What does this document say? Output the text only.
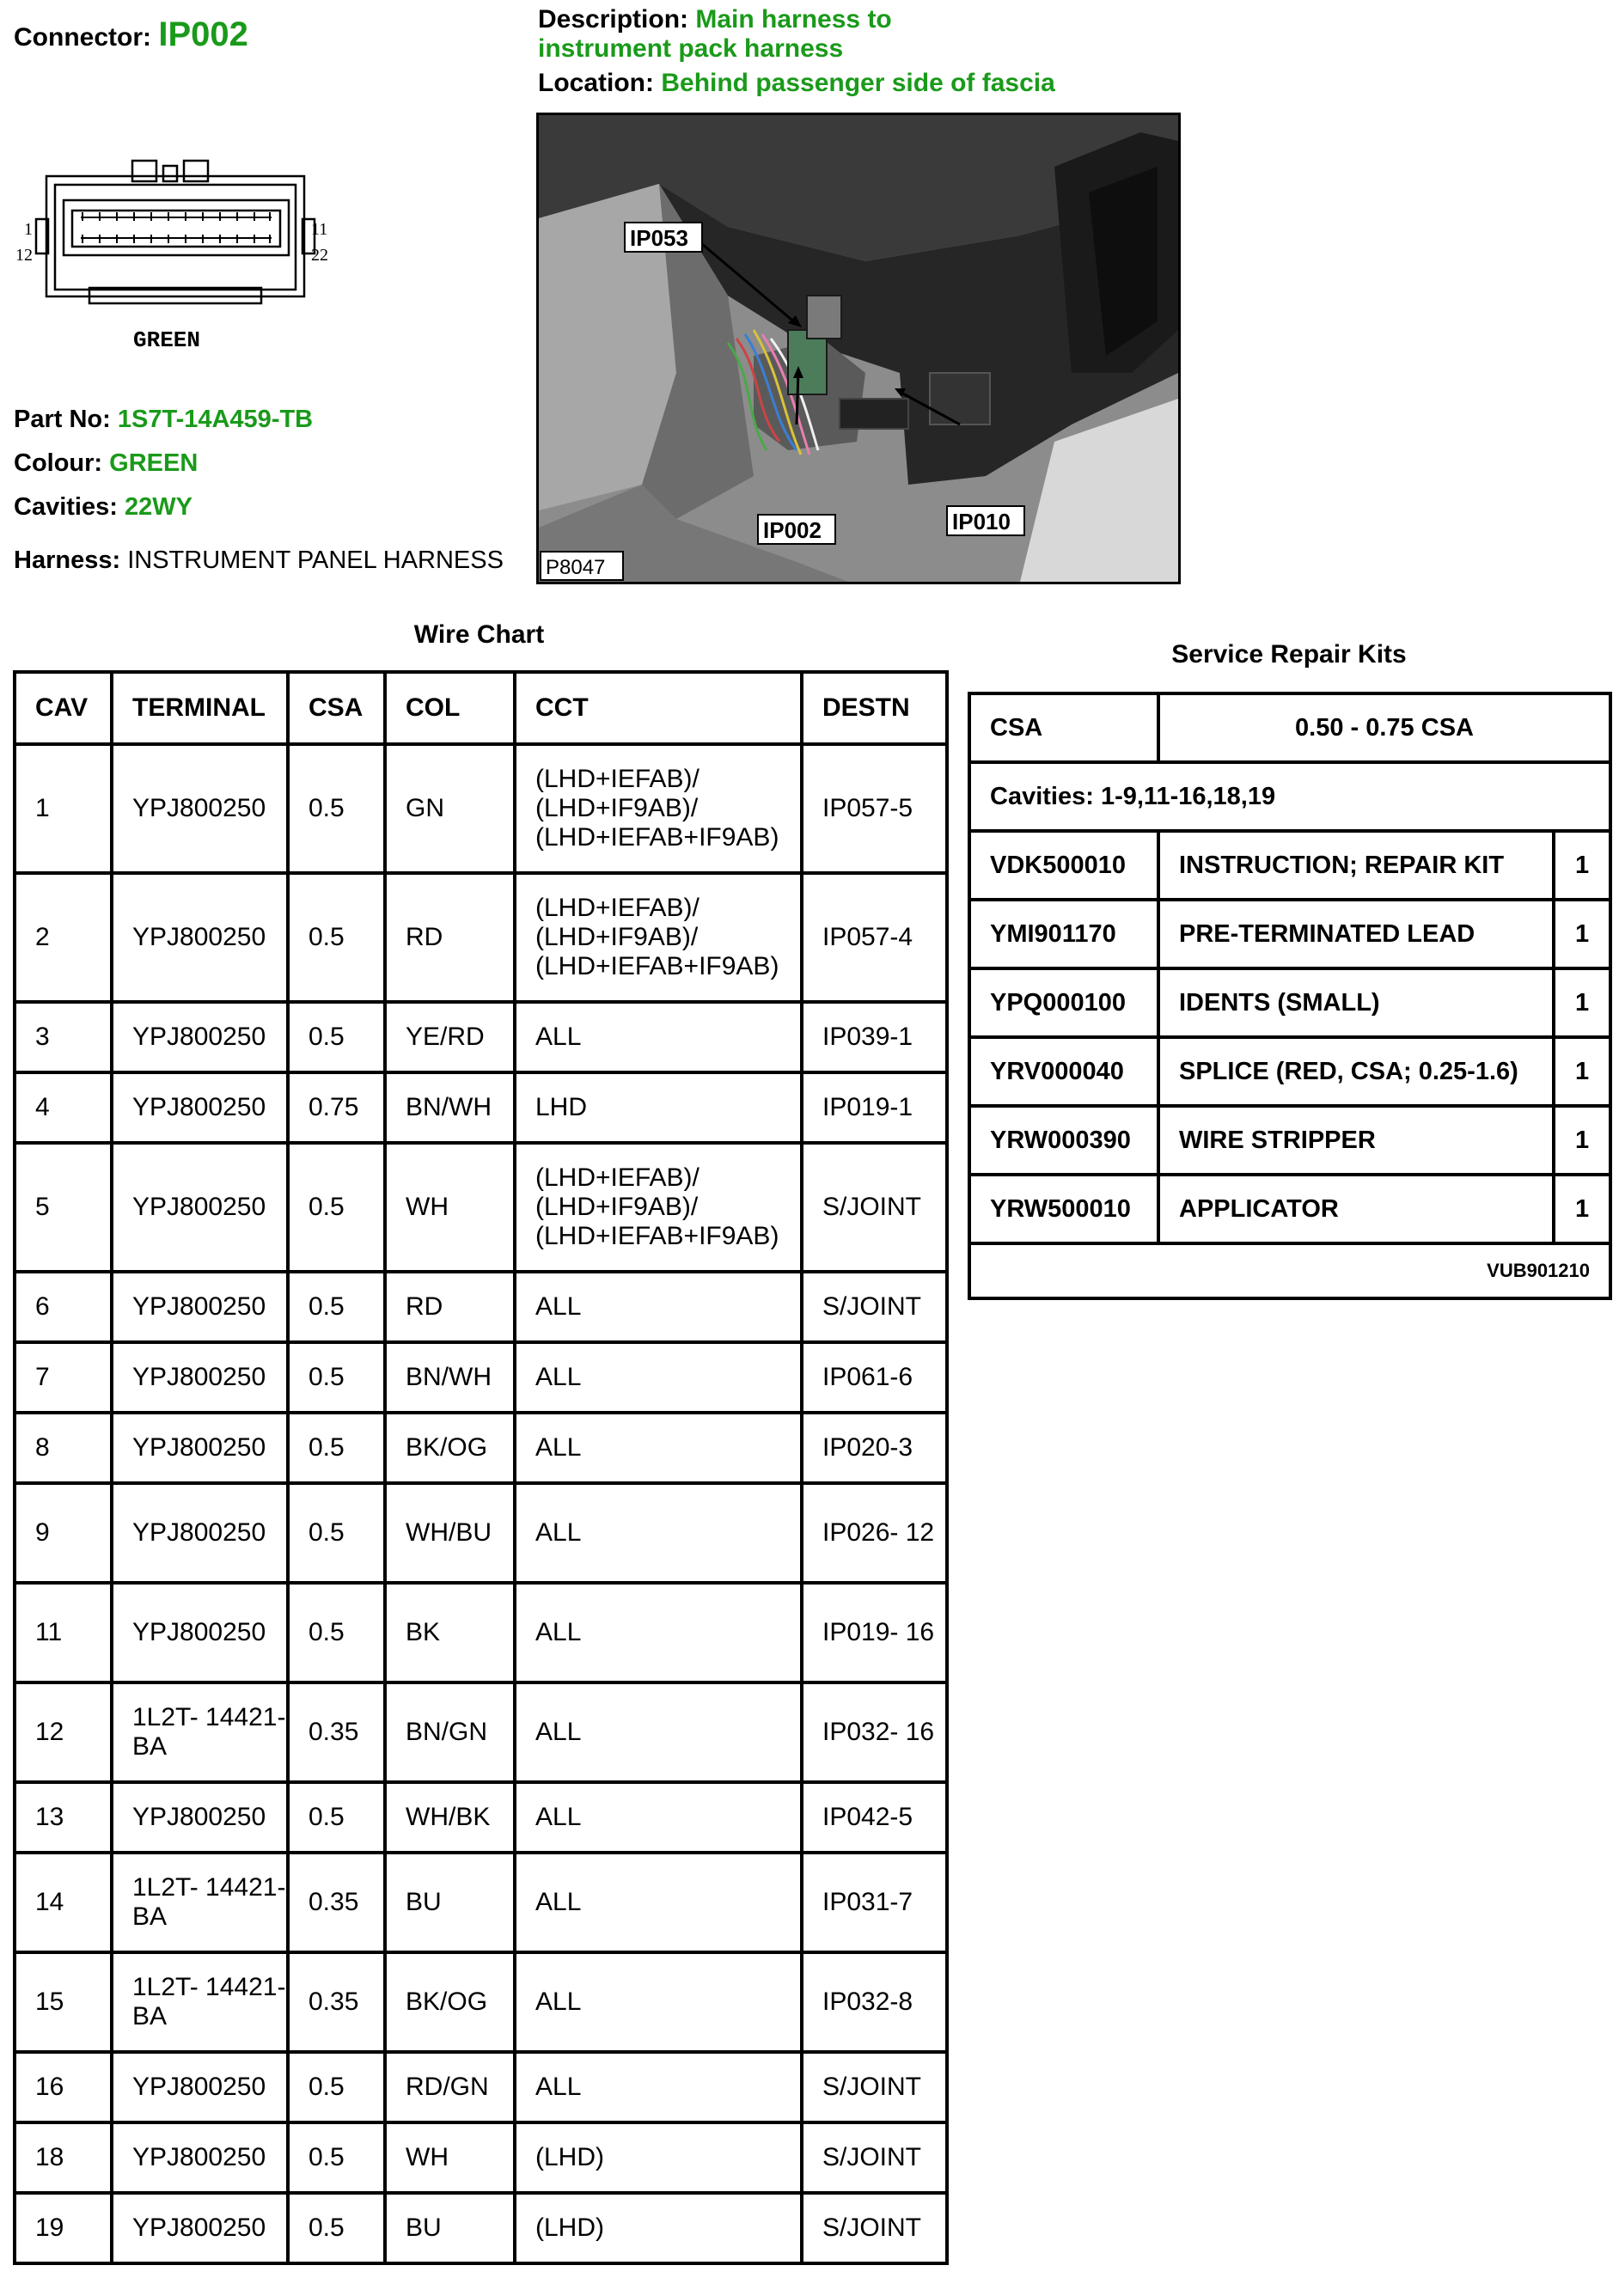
Connector: IP002	Description: Main harness to
instrument pack harness
Location: Behind passenger side of fascia
1
12
11
22
GREEN
Part No: 1S7T-14A459-TB
Colour: GREEN
Cavities: 22WY
Harness: INSTRUMENT PANEL HARNESS
IP053
IP002	IP010
P8047
Wire Chart
CAV	TERMINAL	CSA	COL	CCT	DESTN
1	YPJ800250	0.5	GN	(LHD+IEFAB)/ (LHD+IF9AB)/ (LHD+IEFAB+IF9AB)	IP057-5
2	YPJ800250	0.5	RD	(LHD+IEFAB)/ (LHD+IF9AB)/ (LHD+IEFAB+IF9AB)	IP057-4
3	YPJ800250	0.5	YE/RD	ALL	IP039-1
4	YPJ800250	0.75	BN/WH	LHD	IP019-1
5	YPJ800250	0.5	WH	(LHD+IEFAB)/ (LHD+IF9AB)/ (LHD+IEFAB+IF9AB)	S/JOINT
6	YPJ800250	0.5	RD	ALL	S/JOINT
7	YPJ800250	0.5	BN/WH	ALL	IP061-6
8	YPJ800250	0.5	BK/OG	ALL	IP020-3
9	YPJ800250	0.5	WH/BU	ALL	IP026- 12
11	YPJ800250	0.5	BK	ALL	IP019- 16
12	1L2T- 14421-BA	0.35	BN/GN	ALL	IP032- 16
13	YPJ800250	0.5	WH/BK	ALL	IP042-5
14	1L2T- 14421-BA	0.35	BU	ALL	IP031-7
15	1L2T- 14421-BA	0.35	BK/OG	ALL	IP032-8
16	YPJ800250	0.5	RD/GN	ALL	S/JOINT
18	YPJ800250	0.5	WH	(LHD)	S/JOINT
19	YPJ800250	0.5	BU	(LHD)	S/JOINT
Service Repair Kits
CSA	0.50 - 0.75 CSA	
Cavities: 1-9,11-16,18,19		
VDK500010	INSTRUCTION; REPAIR KIT	1
YMI901170	PRE-TERMINATED LEAD	1
YPQ000100	IDENTS (SMALL)	1
YRV000040	SPLICE (RED, CSA; 0.25-1.6)	1
YRW000390	WIRE STRIPPER	1
YRW500010	APPLICATOR	1
VUB901210		
